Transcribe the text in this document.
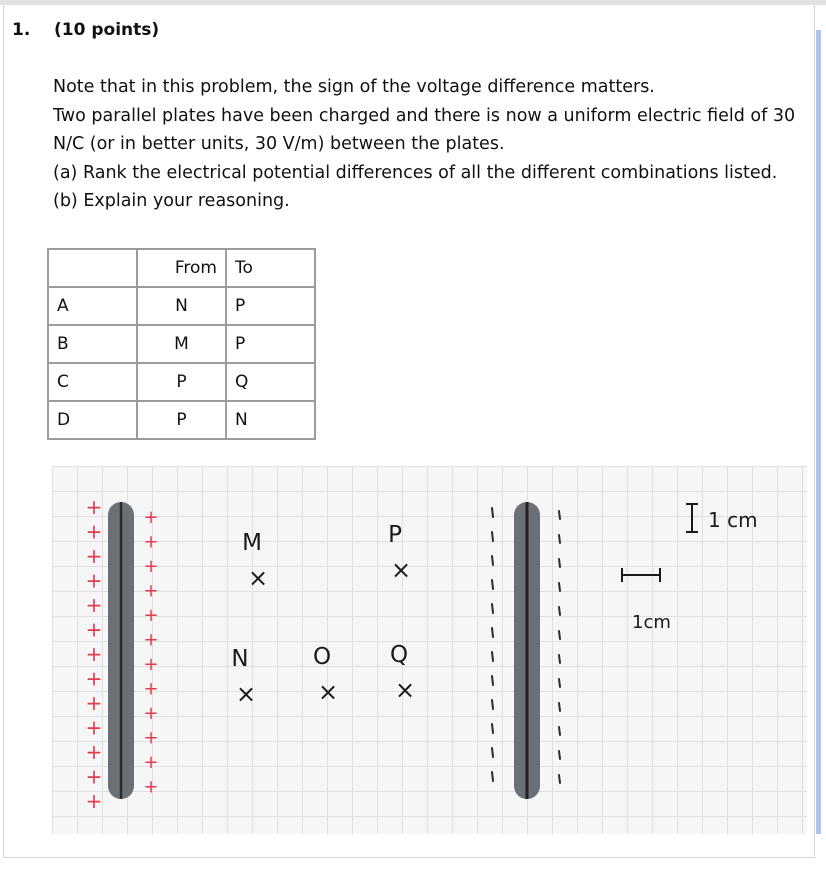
1. (10 points)

Note that in this problem, the sign of the voltage difference matters.

Two parallel plates have been charged and there is now a uniform electric field of 30 N/C (or in better units, 30 V/m) between the plates.

(a) Rank the electrical potential differences of all the different combinations listed.

(b) Explain your reasoning.

	From	To
A	N	P
B	M	P
C	P	Q
D	P	N
+
+
+
+
+
+
+
+
+
+
+
+
+
+
+
+
+
+
+
+
+
+
+
+
+
M
×
P
×
N
×
O
×
Q
×
1 cm
1cm
